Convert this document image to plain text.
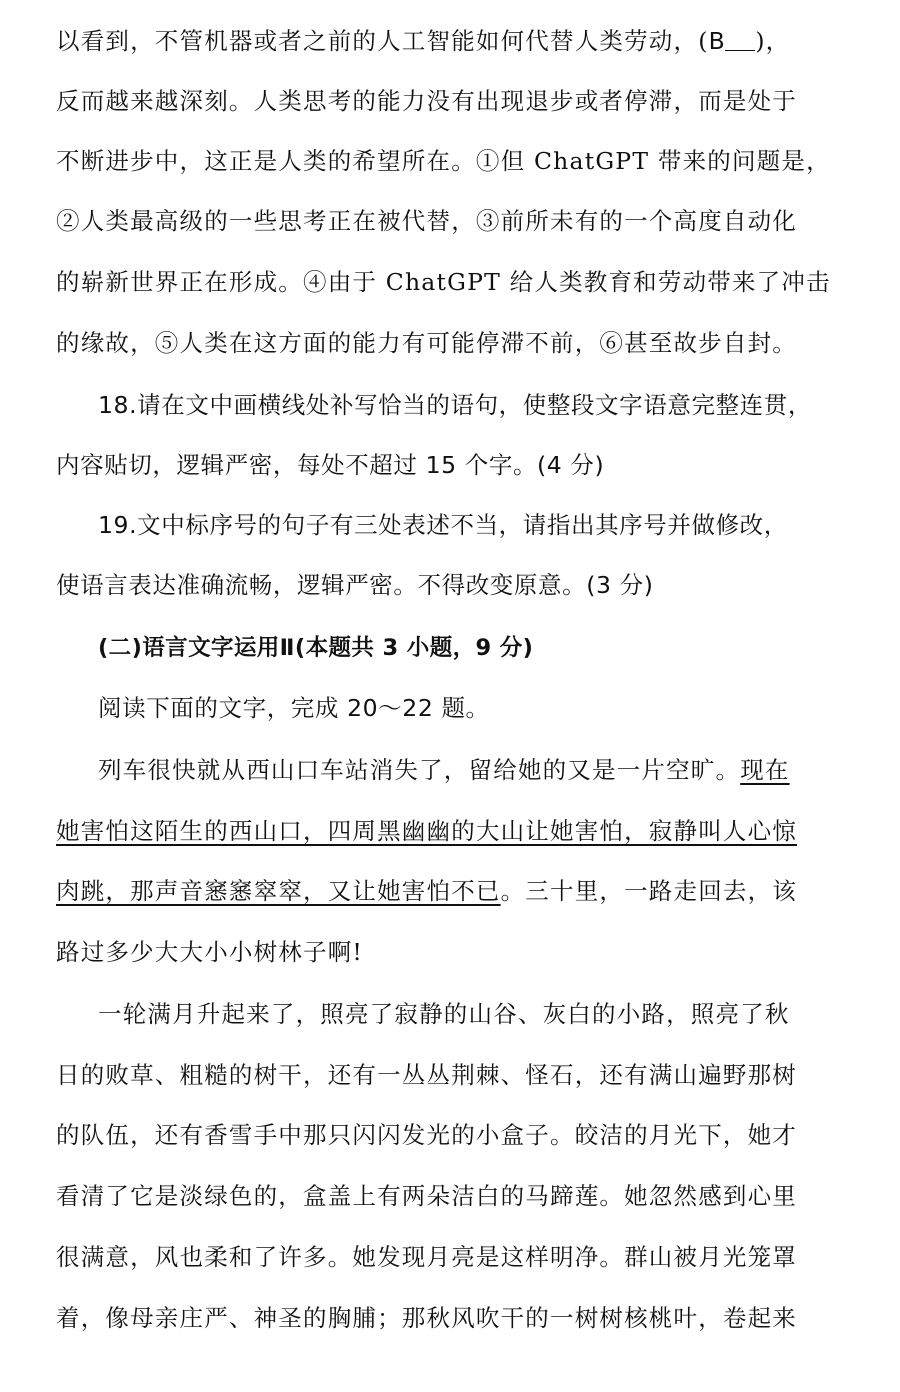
以看到，不管机器或者之前的人工智能如何代替人类劳动，(B )，
反而越来越深刻。人类思考的能力没有出现退步或者停滞，而是处于
不断进步中，这正是人类的希望所在。①但 ChatGPT 带来的问题是，
②人类最高级的一些思考正在被代替，③前所未有的一个高度自动化
的崭新世界正在形成。④由于 ChatGPT 给人类教育和劳动带来了冲击
的缘故，⑤人类在这方面的能力有可能停滞不前，⑥甚至故步自封。
18.请在文中画横线处补写恰当的语句，使整段文字语意完整连贯，
内容贴切，逻辑严密，每处不超过 15 个字。(4 分)
19.文中标序号的句子有三处表述不当，请指出其序号并做修改，
使语言表达准确流畅，逻辑严密。不得改变原意。(3 分)
(二)语言文字运用Ⅱ(本题共 3 小题，9 分)
阅读下面的文字，完成 20～22 题。
列车很快就从西山口车站消失了，留给她的又是一片空旷。现在
她害怕这陌生的西山口，四周黑幽幽的大山让她害怕，寂静叫人心惊
肉跳，那声音窸窸窣窣，又让她害怕不已。三十里，一路走回去，该
路过多少大大小小树林子啊!
一轮满月升起来了，照亮了寂静的山谷、灰白的小路，照亮了秋
日的败草、粗糙的树干，还有一丛丛荆棘、怪石，还有满山遍野那树
的队伍，还有香雪手中那只闪闪发光的小盒子。皎洁的月光下，她才
看清了它是淡绿色的，盒盖上有两朵洁白的马蹄莲。她忽然感到心里
很满意，风也柔和了许多。她发现月亮是这样明净。群山被月光笼罩
着，像母亲庄严、神圣的胸脯；那秋风吹干的一树树核桃叶，卷起来
